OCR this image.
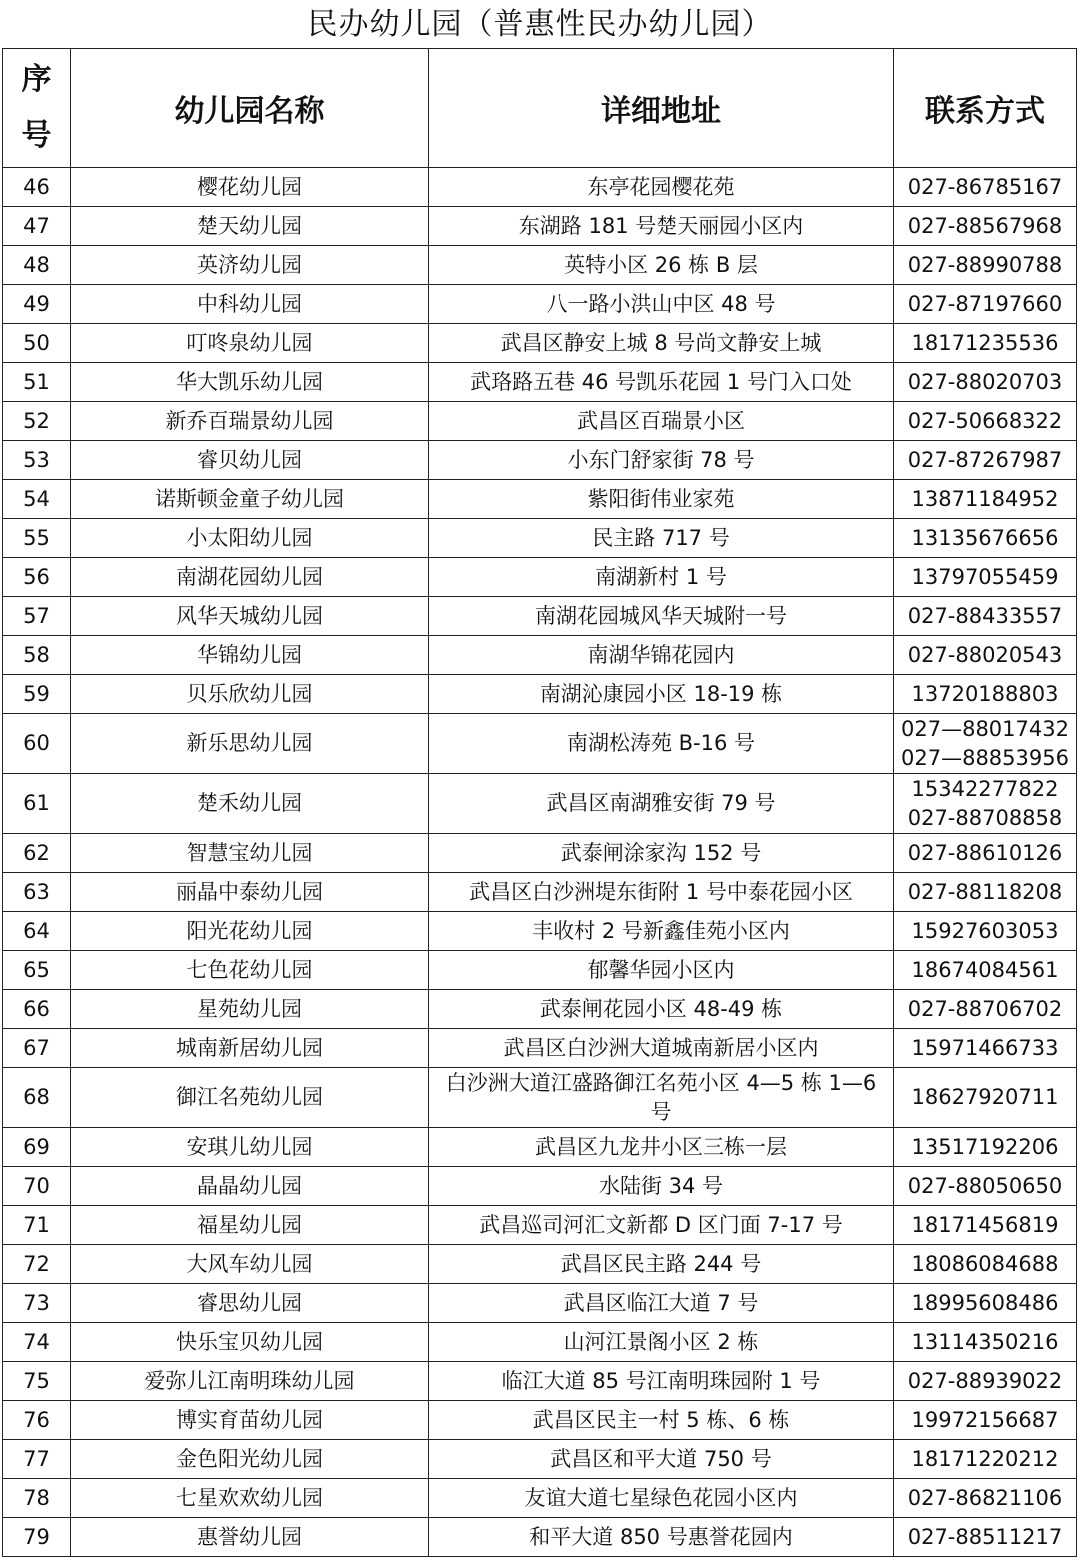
民办幼儿园（普惠性民办幼儿园）
序
号	幼儿园名称	详细地址	联系方式
46	樱花幼儿园	东亭花园樱花苑	027-86785167

47	楚天幼儿园	东湖路 181 号楚天丽园小区内	027-88567968

48	英济幼儿园	英特小区 26 栋 B 层	027-88990788

49	中科幼儿园	八一路小洪山中区 48 号	027-87197660

50	叮咚泉幼儿园	武昌区静安上城 8 号尚文静安上城	18171235536

51	华大凯乐幼儿园	武珞路五巷 46 号凯乐花园 1 号门入口处	027-88020703

52	新乔百瑞景幼儿园	武昌区百瑞景小区	027-50668322

53	睿贝幼儿园	小东门舒家街 78 号	027-87267987

54	诺斯顿金童子幼儿园	紫阳街伟业家苑	13871184952

55	小太阳幼儿园	民主路 717 号	13135676656

56	南湖花园幼儿园	南湖新村 1 号	13797055459

57	风华天城幼儿园	南湖花园城风华天城附一号	027-88433557

58	华锦幼儿园	南湖华锦花园内	027-88020543

59	贝乐欣幼儿园	南湖沁康园小区 18-19 栋	13720188803

60	新乐思幼儿园	南湖松涛苑 B-16 号	027—88017432
027—88853956

61	楚禾幼儿园	武昌区南湖雅安街 79 号	15342277822
027-88708858

62	智慧宝幼儿园	武泰闸涂家沟 152 号	027-88610126

63	丽晶中泰幼儿园	武昌区白沙洲堤东街附 1 号中泰花园小区	027-88118208

64	阳光花幼儿园	丰收村 2 号新鑫佳苑小区内	15927603053

65	七色花幼儿园	郁馨华园小区内	18674084561

66	星苑幼儿园	武泰闸花园小区 48-49 栋	027-88706702

67	城南新居幼儿园	武昌区白沙洲大道城南新居小区内	15971466733

68	御江名苑幼儿园	白沙洲大道江盛路御江名苑小区 4—5 栋 1—6 号	18627920711

69	安琪儿幼儿园	武昌区九龙井小区三栋一层	13517192206

70	晶晶幼儿园	水陆街 34 号	027-88050650

71	福星幼儿园	武昌巡司河汇文新都 D 区门面 7-17 号	18171456819

72	大风车幼儿园	武昌区民主路 244 号	18086084688

73	睿思幼儿园	武昌区临江大道 7 号	18995608486

74	快乐宝贝幼儿园	山河江景阁小区 2 栋	13114350216

75	爱弥儿江南明珠幼儿园	临江大道 85 号江南明珠园附 1 号	027-88939022

76	博实育苗幼儿园	武昌区民主一村 5 栋、6 栋	19972156687

77	金色阳光幼儿园	武昌区和平大道 750 号	18171220212

78	七星欢欢幼儿园	友谊大道七星绿色花园小区内	027-86821106

79	惠誉幼儿园	和平大道 850 号惠誉花园内	027-88511217
